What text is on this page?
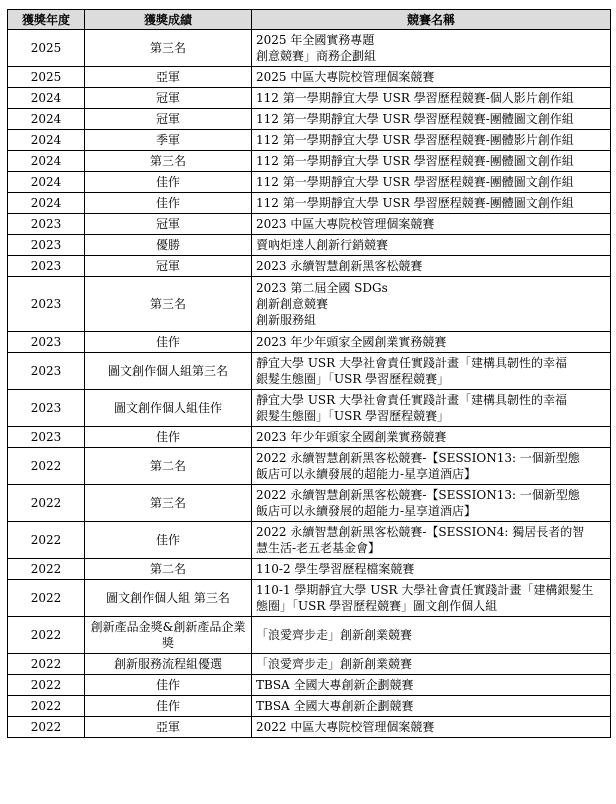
獲獎年度	獲獎成績	競賽名稱
2025	第三名	2025 年全國實務專題
創意競賽」商務企劃組

2025	亞軍	2025 中區大專院校管理個案競賽

2024	冠軍	112 第一學期靜宜大學 USR 學習歷程競賽-個人影片創作組

2024	冠軍	112 第一學期靜宜大學 USR 學習歷程競賽-團體圖文創作組

2024	季軍	112 第一學期靜宜大學 USR 學習歷程競賽-團體影片創作組

2024	第三名	112 第一學期靜宜大學 USR 學習歷程競賽-團體圖文創作組

2024	佳作	112 第一學期靜宜大學 USR 學習歷程競賽-團體圖文創作組

2024	佳作	112 第一學期靜宜大學 USR 學習歷程競賽-團體圖文創作組

2023	冠軍	2023 中區大專院校管理個案競賽

2023	優勝	賣吶炬達人創新行銷競賽

2023	冠軍	2023 永續智慧創新黑客松競賽

2023	第三名	2023 第二屆全國 SDGs
創新創意競賽
創新服務組

2023	佳作	2023 年少年頭家全國創業實務競賽

2023	圖文創作個人組第三名	靜宜大學 USR 大學社會責任實踐計畫「建構具韌性的幸福
銀髮生態圈」「USR 學習歷程競賽」

2023	圖文創作個人組佳作	靜宜大學 USR 大學社會責任實踐計畫「建構具韌性的幸福
銀髮生態圈」「USR 學習歷程競賽」

2023	佳作	2023 年少年頭家全國創業實務競賽

2022	第二名	2022 永續智慧創新黑客松競賽-【SESSION13: 一個新型態
飯店可以永續發展的超能力-星享道酒店】

2022	第三名	2022 永續智慧創新黑客松競賽-【SESSION13: 一個新型態
飯店可以永續發展的超能力-星享道酒店】

2022	佳作	2022 永續智慧創新黑客松競賽-【SESSION4: 獨居長者的智
慧生活-老五老基金會】

2022	第二名	110-2 學生學習歷程檔案競賽

2022	圖文創作個人組 第三名	110-1 學期靜宜大學 USR 大學社會責任實踐計畫「建構銀髮生
態圈」「USR 學習歷程競賽」圖文創作個人組

2022	創新產品金獎&創新產品企業獎	「浪愛齊步走」創新創業競賽

2022	創新服務流程組優選	「浪愛齊步走」創新創業競賽

2022	佳作	TBSA 全國大專創新企劃競賽

2022	佳作	TBSA 全國大專創新企劃競賽

2022	亞軍	2022 中區大專院校管理個案競賽
